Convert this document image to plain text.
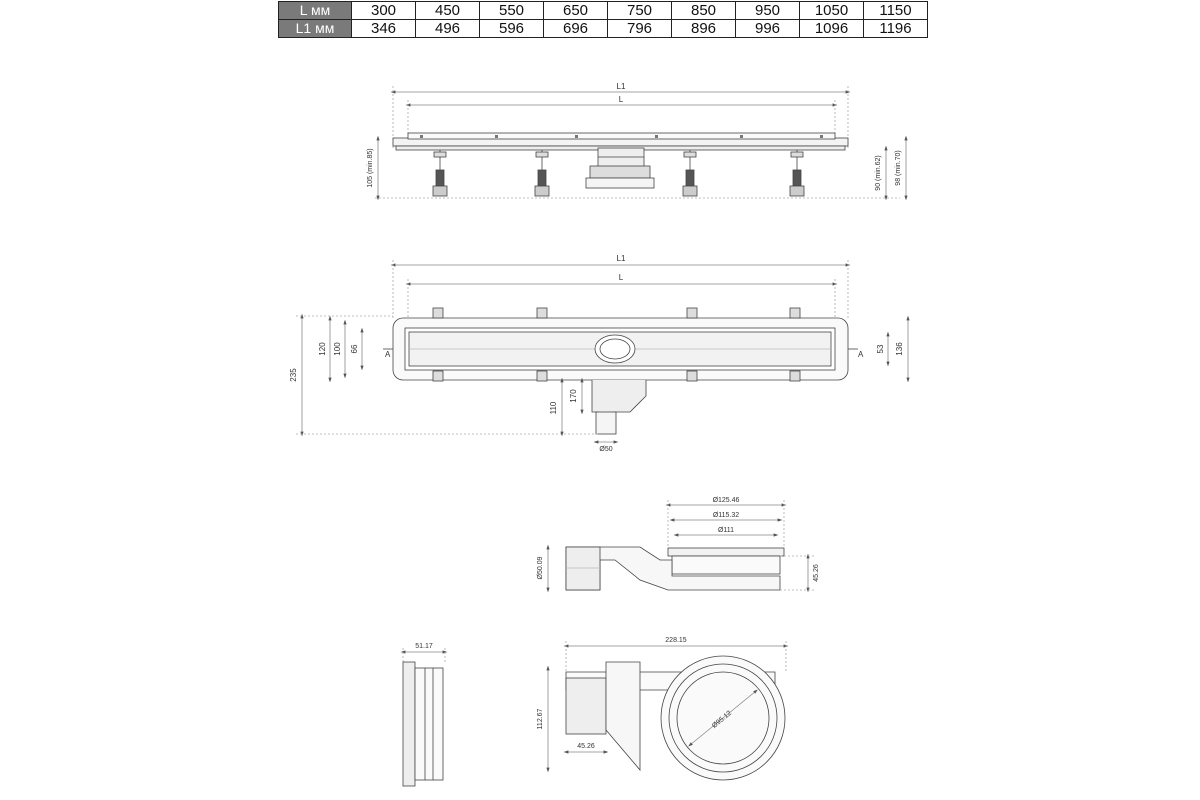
L мм	300	450	550	650	750	850	950	1050	1150
L1 мм	346	496	596	696	796	896	996	1096	1196
L1
L
105 (min.85)	90 (min.62) 98 (min.70)
L1
L
235
120 100 66	53 136
170
110
Ø50
A	A
Ø125.46
Ø115.32
Ø111
Ø50.09	45.26
51.17
228.15
112.67
45.26
Ø95.12
